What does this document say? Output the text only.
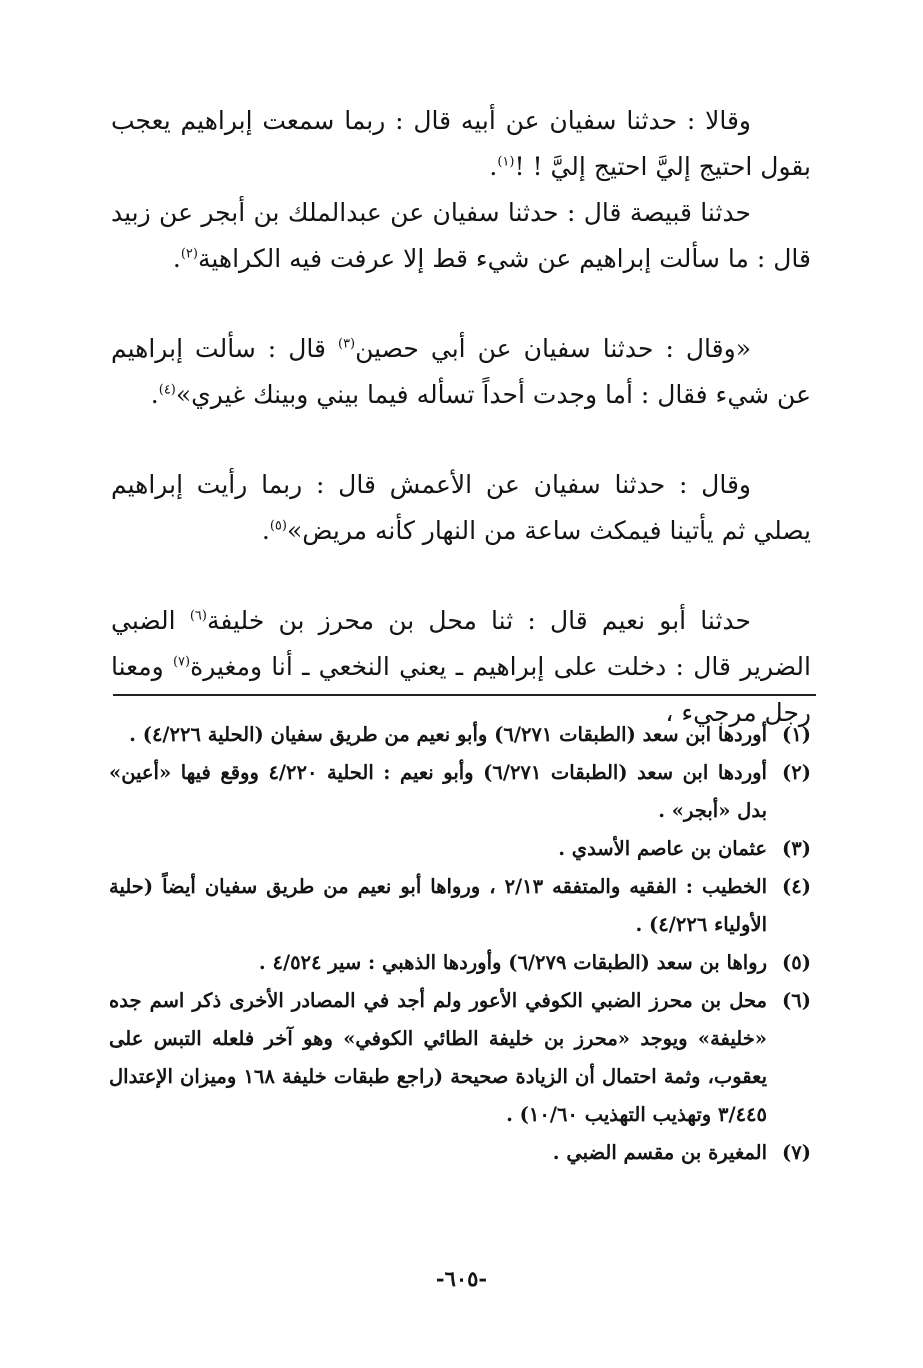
وقالا : حدثنا سفيان عن أبيه قال : ربما سمعت إبراهيم يعجب بقول احتيج إليَّ احتيج إليَّ ! !$^{(١)}$.

حدثنا قبيصة قال : حدثنا سفيان عن عبدالملك بن أبجر عن زبيد قال : ما سألت إبراهيم عن شيء قط إلا عرفت فيه الكراهية$^{(٢)}$.

«وقال : حدثنا سفيان عن أبي حصين$^{(٣)}$ قال : سألت إبراهيم عن شيء فقال : أما وجدت أحداً تسأله فيما بيني وبينك غيري»$^{(٤)}$.

وقال : حدثنا سفيان عن الأعمش قال : ربما رأيت إبراهيم يصلي ثم يأتينا فيمكث ساعة من النهار كأنه مريض»$^{(٥)}$.

حدثنا أبو نعيم قال : ثنا محل بن محرز بن خليفة$^{(٦)}$ الضبي الضرير قال : دخلت على إبراهيم ـ يعني النخعي ـ أنا ومغيرة$^{(٧)}$ ومعنا رجل مرجيء ،

(١)
أوردها ابن سعد (الطبقات ٦/٢٧١) وأبو نعيم من طريق سفيان (الحلية ٤/٢٢٦) .
(٢)
أوردها ابن سعد (الطبقات ٦/٢٧١) وأبو نعيم : الحلية ٤/٢٢٠ ووقع فيها «أعين» بدل «أبجر» .
(٣)
عثمان بن عاصم الأسدي .
(٤)
الخطيب : الفقيه والمتفقه ٢/١٣ ، ورواها أبو نعيم من طريق سفيان أيضاً (حلية الأولياء ٤/٢٢٦) .
(٥)
رواها بن سعد (الطبقات ٦/٢٧٩) وأوردها الذهبي : سير ٤/٥٢٤ .
(٦)
محل بن محرز الضبي الكوفي الأعور ولم أجد في المصادر الأخرى ذكر اسم جده «خليفة» ويوجد «محرز بن خليفة الطائي الكوفي» وهو آخر فلعله التبس على يعقوب، وثمة احتمال أن الزيادة صحيحة (راجع طبقات خليفة ١٦٨ وميزان الإعتدال ٣/٤٤٥ وتهذيب التهذيب ١٠/٦٠) .
(٧)
المغيرة بن مقسم الضبي .
-٦٠٥-
